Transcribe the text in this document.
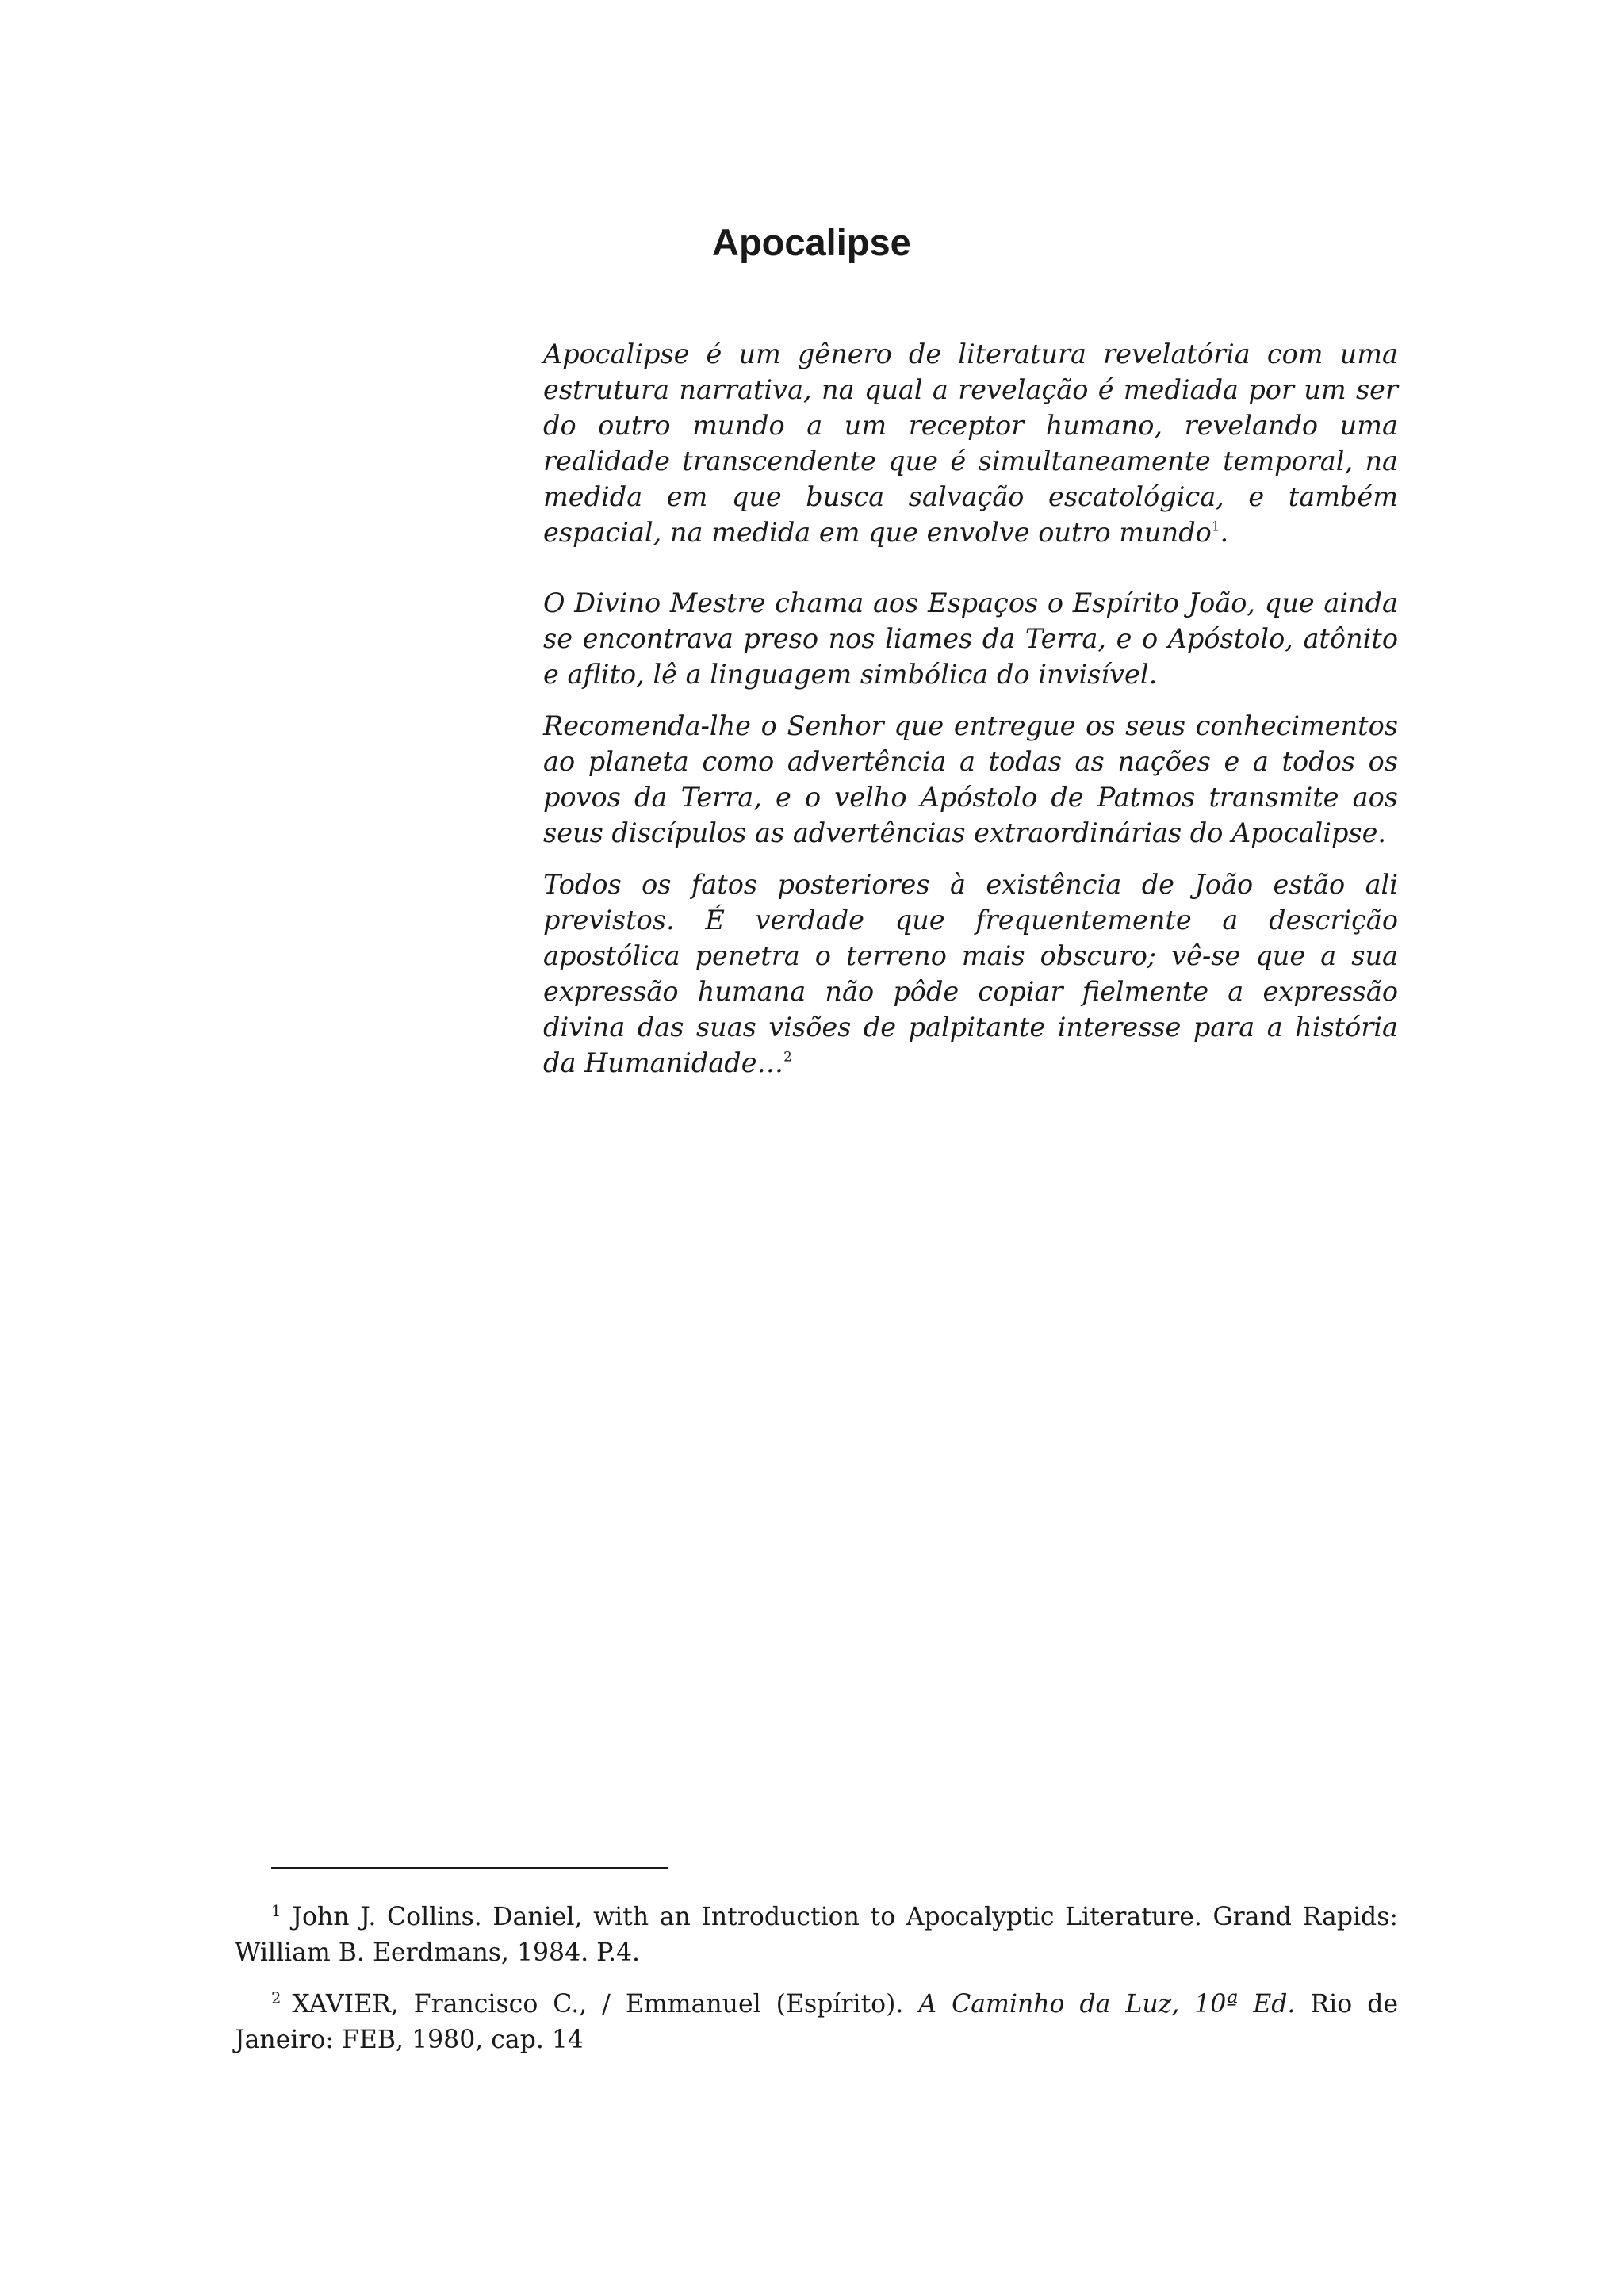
Apocalipse

Apocalipse é um gênero de literatura revelatória com uma estrutura narrativa, na qual a revelação é mediada por um ser do outro mundo a um receptor humano, revelando uma realidade transcendente que é simultaneamente temporal, na medida em que busca salvação escatológica, e também espacial, na medida em que envolve outro mundo$^1$.

O Divino Mestre chama aos Espaços o Espírito João, que ainda se encontrava preso nos liames da Terra, e o Apóstolo, atônito e aflito, lê a linguagem simbólica do invisível.

Recomenda-lhe o Senhor que entregue os seus conhecimentos ao planeta como advertência a todas as nações e a todos os povos da Terra, e o velho Apóstolo de Patmos transmite aos seus discípulos as advertências extraordinárias do Apocalipse.

Todos os fatos posteriores à existência de João estão ali previstos. É verdade que frequentemente a descrição apostólica penetra o terreno mais obscuro; vê-se que a sua expressão humana não pôde copiar fielmente a expressão divina das suas visões de palpitante interesse para a história da Humanidade…$^2$

$^1$ John J. Collins. Daniel, with an Introduction to Apocalyptic Literature. Grand Rapids: William B. Eerdmans, 1984. P.4.

$^2$ XAVIER, Francisco C., / Emmanuel (Espírito). A Caminho da Luz, 10ª Ed. Rio de Janeiro: FEB, 1980, cap. 14
